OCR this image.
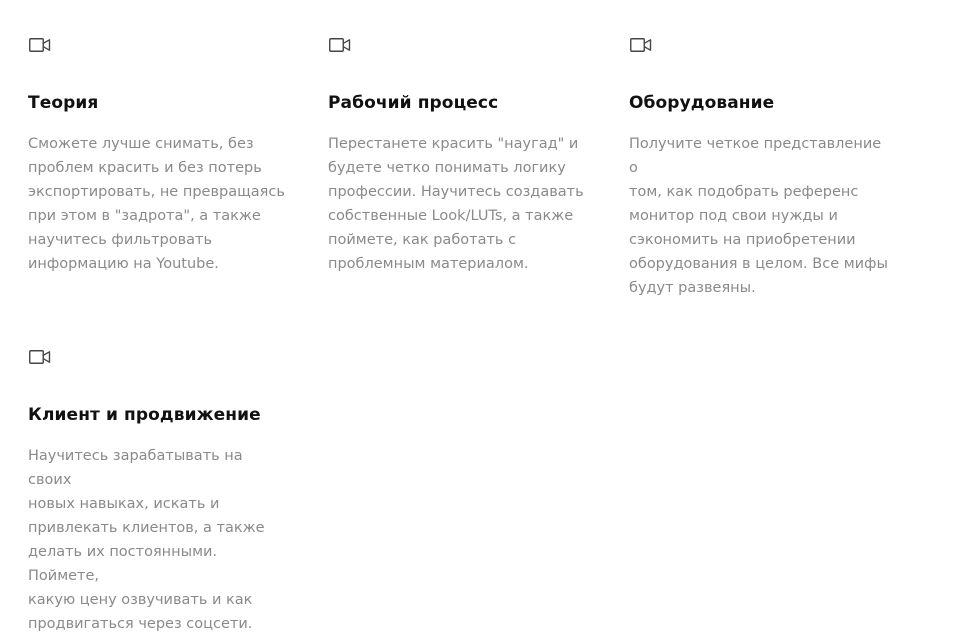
Теория
Сможете лучше снимать, без
проблем красить и без потерь
экспортировать, не превращаясь
при этом в "задрота", а также
научитесь фильтровать
информацию на Youtube.
Рабочий процесс
Перестанете красить "наугад" и
будете четко понимать логику
профессии. Научитесь создавать
собственные Look/LUTs, а также
поймете, как работать с
проблемным материалом.
Оборудование
Получите четкое представление о
том, как подобрать референс
монитор под свои нужды и
сэкономить на приобретении
оборудования в целом. Все мифы
будут развеяны.
Клиент и продвижение
Научитесь зарабатывать на своих
новых навыках, искать и
привлекать клиентов, а также
делать их постоянными. Поймете,
какую цену озвучивать и как
продвигаться через соцсети.
